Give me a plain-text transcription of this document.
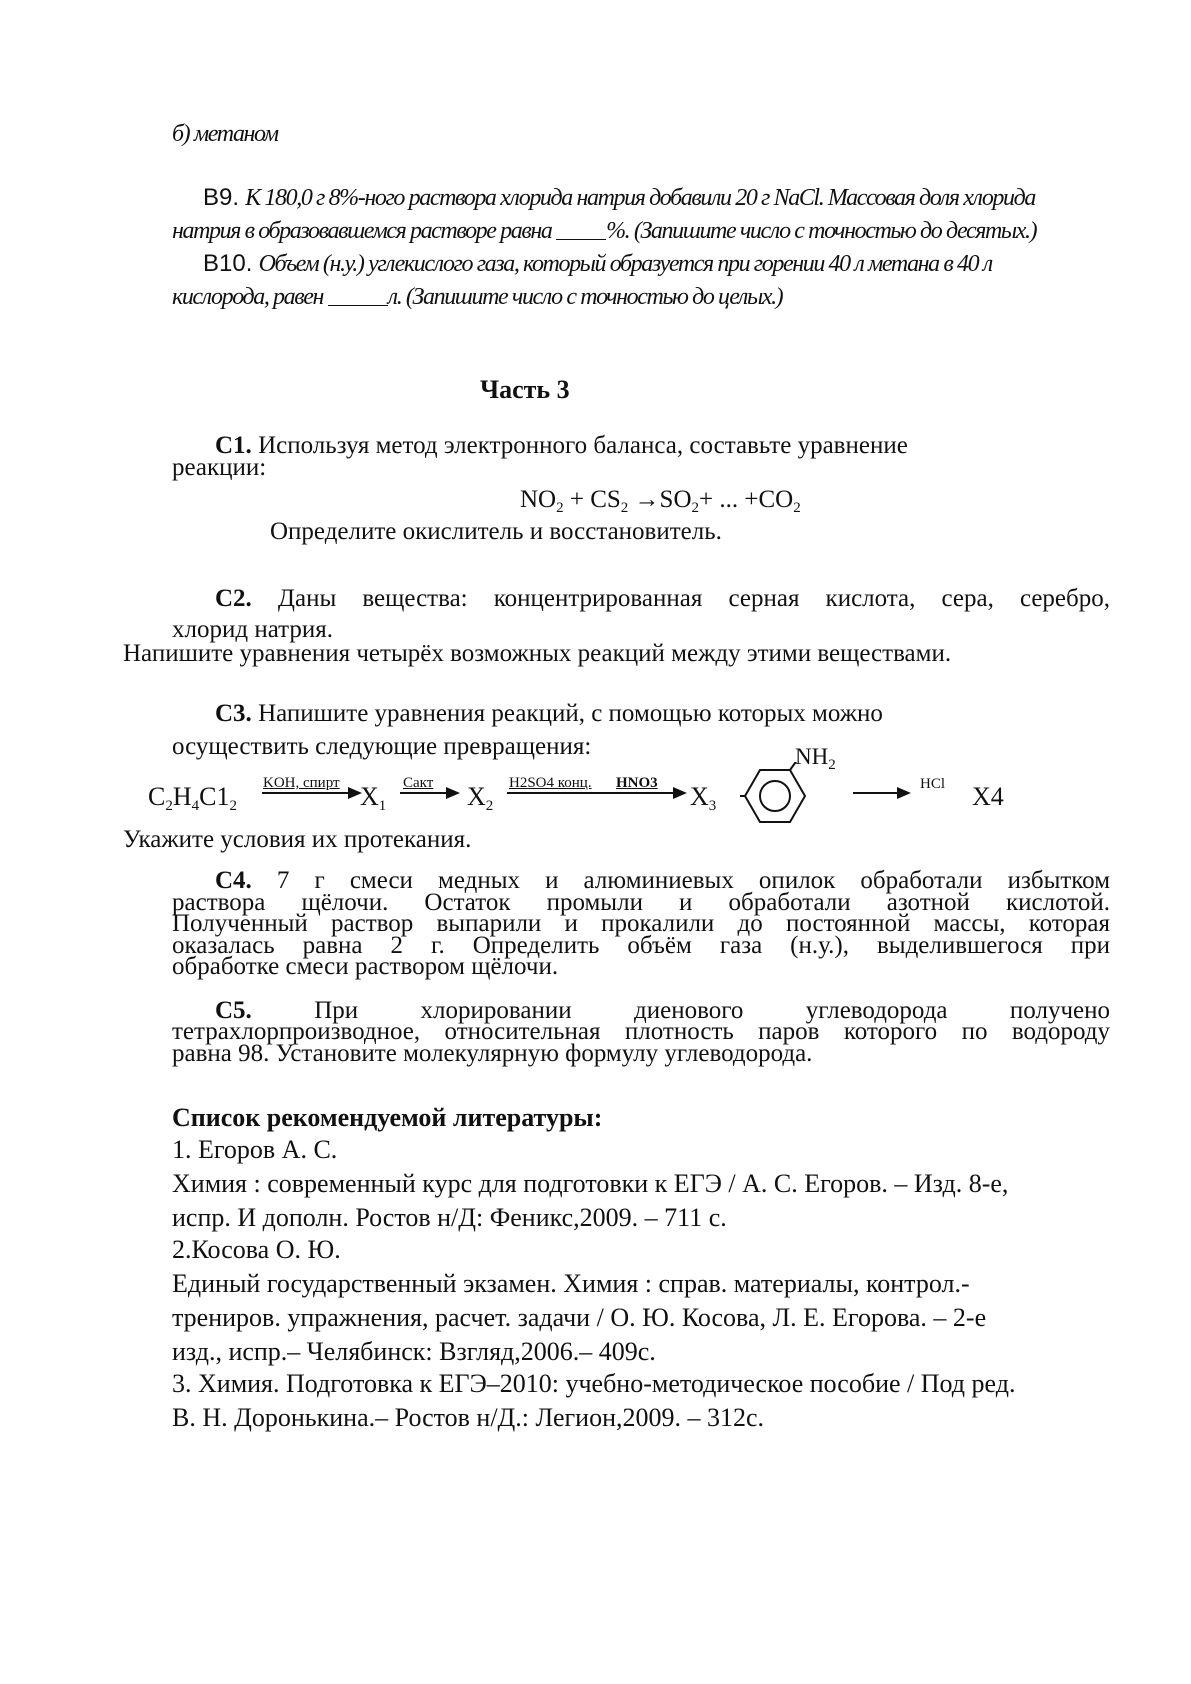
б) метаном
В9. К 180,0 г 8%-ного раствора хлорида натрия добавили 20 г NaCl. Массовая доля хлорида
натрия в образовавшемся растворе равна %. (Запишите число с точностью до десятых.)
В10. Объем (н.у.) углекислого газа, который образуется при горении 40 л метана в 40 л
кислорода, равен	л. (Запишите число с точностью до целых.)
Часть 3
С1. Используя метод электронного баланса, составьте уравнение
реакции:
$NO_2 + CS_2 \to SO_2+$ ... $+CO_2$
Определите окислитель и восстановитель.
С2. Даны вещества: концентрированная серная кислота, сера, серебро,
хлорид натрия.
Напишите уравнения четырёх возможных реакций между этими веществами.
С3. Напишите уравнения реакций, с помощью которых можно
осуществить следующие превращения:
$C_2H_4C1_2$
KOH, спирт $X_1$
Сакт $X_2$
H2SO4 конц. HNO3 $X_3$
$NH_2$
HCl X4
Укажите условия их протекания.
С4. 7 г смеси медных и алюминиевых опилок обработали избытком
раствора щёлочи. Остаток промыли и обработали азотной кислотой.
Полученный раствор выпарили и прокалили до постоянной массы, которая
оказалась равна 2 г. Определить объём газа (н.у.), выделившегося при
обработке смеси раствором щёлочи.
С5. При хлорировании диенового углеводорода получено
тетрахлорпроизводное, относительная плотность паров которого по водороду
равна 98. Установите молекулярную формулу углеводорода.
Список рекомендуемой литературы:
1. Егоров А. С.
Химия : современный курс для подготовки к ЕГЭ / А. С. Егоров. – Изд. 8-е,
испр. И дополн. Ростов н/Д: Феникс,2009. – 711 с.
2.Косова О. Ю.
Единый государственный экзамен. Химия : справ. материалы, контрол.-
трениров. упражнения, расчет. задачи / О. Ю. Косова, Л. Е. Егорова. – 2-е
изд., испр.– Челябинск: Взгляд,2006.– 409с.
3. Химия. Подготовка к ЕГЭ–2010: учебно-методическое пособие / Под ред.
В. Н. Доронькина.– Ростов н/Д.: Легион,2009. – 312с.
